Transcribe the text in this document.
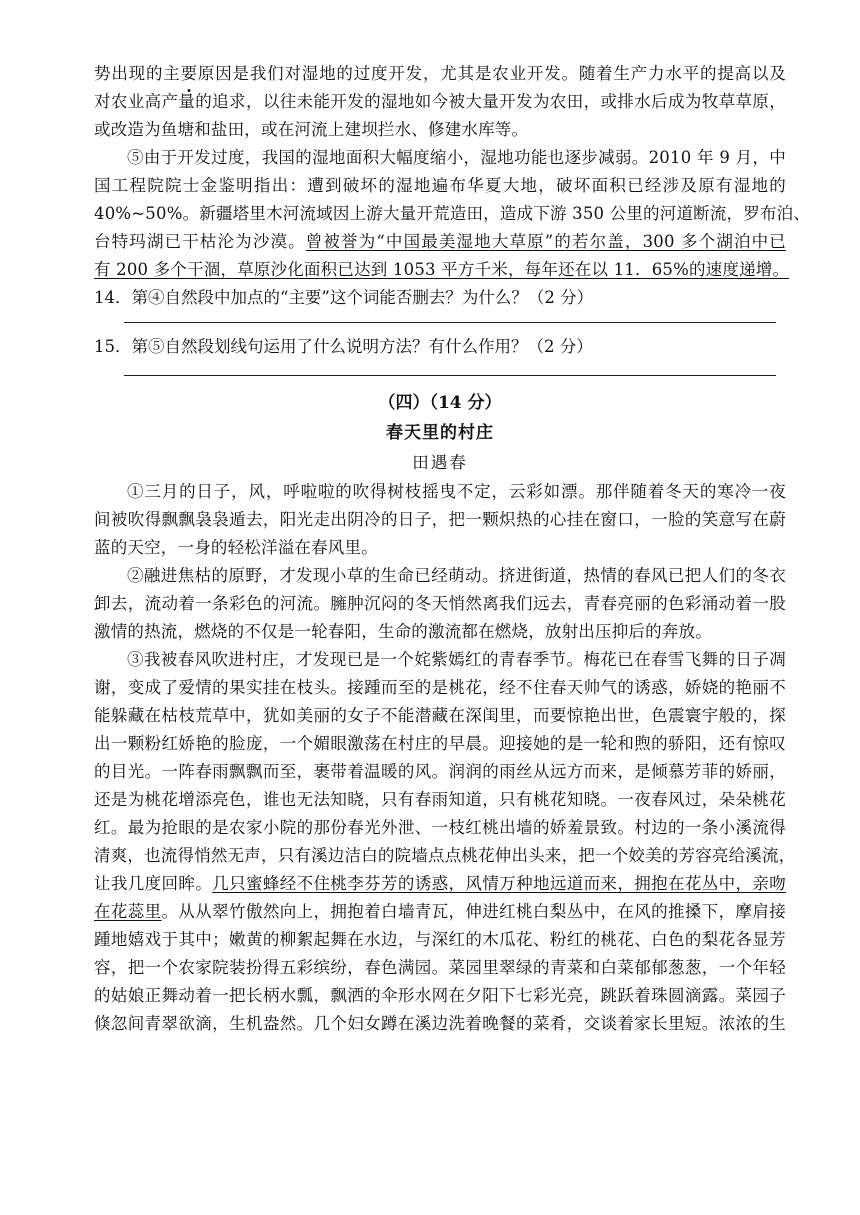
势出现的主要原因是我们对湿地的过度开发，尤其是农业开发。随着生产力水平的提高以及
对农业高产量的追求，以往未能开发的湿地如今被大量开发为农田，或排水后成为牧草草原，
或改造为鱼塘和盐田，或在河流上建坝拦水、修建水库等。
⑤由于开发过度，我国的湿地面积大幅度缩小，湿地功能也逐步减弱。2010 年 9 月，中
国工程院院士金鉴明指出：遭到破坏的湿地遍布华夏大地，破坏面积已经涉及原有湿地的
40%~50%。新疆塔里木河流域因上游大量开荒造田，造成下游 350 公里的河道断流，罗布泊、
台特玛湖已干枯沦为沙漠。曾被誉为“中国最美湿地大草原”的若尔盖，300 多个湖泊中已
有 200 多个干涸，草原沙化面积已达到 1053 平方千米，每年还在以 11．65%的速度递增。
14．第④自然段中加点的“主要”这个词能否删去？为什么？（2 分）
15．第⑤自然段划线句运用了什么说明方法？有什么作用？（2 分）
（四）（14 分）
春天里的村庄
田遇春
①三月的日子，风，呼啦啦的吹得树枝摇曳不定，云彩如漂。那伴随着冬天的寒冷一夜
间被吹得飘飘袅袅遁去，阳光走出阴冷的日子，把一颗炽热的心挂在窗口，一脸的笑意写在蔚
蓝的天空，一身的轻松洋溢在春风里。
②融进焦枯的原野，才发现小草的生命已经萌动。挤进街道，热情的春风已把人们的冬衣
卸去，流动着一条彩色的河流。臃肿沉闷的冬天悄然离我们远去，青春亮丽的色彩涌动着一股
激情的热流，燃烧的不仅是一轮春阳，生命的激流都在燃烧，放射出压抑后的奔放。
③我被春风吹进村庄，才发现已是一个姹紫嫣红的青春季节。梅花已在春雪飞舞的日子凋
谢，变成了爱情的果实挂在枝头。接踵而至的是桃花，经不住春天帅气的诱惑，娇娆的艳丽不
能躲藏在枯枝荒草中，犹如美丽的女子不能潜藏在深闺里，而要惊艳出世，色震寰宇般的，探
出一颗粉红娇艳的脸庞，一个媚眼激荡在村庄的早晨。迎接她的是一轮和煦的骄阳，还有惊叹
的目光。一阵春雨飘飘而至，裹带着温暖的风。润润的雨丝从远方而来，是倾慕芳菲的娇丽，
还是为桃花增添亮色，谁也无法知晓，只有春雨知道，只有桃花知晓。一夜春风过，朵朵桃花
红。最为抢眼的是农家小院的那份春光外泄、一枝红桃出墙的娇羞景致。村边的一条小溪流得
清爽，也流得悄然无声，只有溪边洁白的院墙点点桃花伸出头来，把一个姣美的芳容亮给溪流，
让我几度回眸。几只蜜蜂经不住桃李芬芳的诱惑，风情万种地远道而来，拥抱在花丛中，亲吻
在花蕊里。从从翠竹傲然向上，拥抱着白墙青瓦，伸进红桃白梨丛中，在风的推搡下，摩肩接
踵地嬉戏于其中；嫩黄的柳絮起舞在水边，与深红的木瓜花、粉红的桃花、白色的梨花各显芳
容，把一个农家院装扮得五彩缤纷，春色满园。菜园里翠绿的青菜和白菜郁郁葱葱，一个年轻
的姑娘正舞动着一把长柄水瓢，飘洒的伞形水网在夕阳下七彩光亮，跳跃着珠圆滴露。菜园子
倏忽间青翠欲滴，生机盎然。几个妇女蹲在溪边洗着晚餐的菜肴，交谈着家长里短。浓浓的生
